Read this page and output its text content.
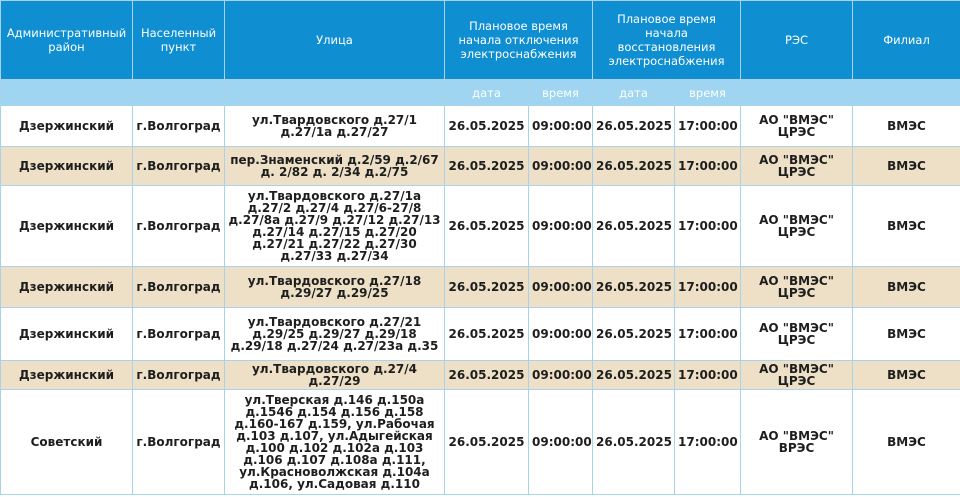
Административный район	Населенный пункт	Улица	Плановое время начала отключения электроснабжения		Плановое время начала восстановления электроснабжения		РЭС	Филиал
			дата	время	дата	время		
Дзержинский	г.Волгоград	ул.Твардовского д.27/1 д.27/1а д.27/27	26.05.2025	09:00:00	26.05.2025	17:00:00	АО "ВМЭС" ЦРЭС	ВМЭС
Дзержинский	г.Волгоград	пер.Знаменский д.2/59 д.2/67 д. 2/82 д. 2/34 д.2/75	26.05.2025	09:00:00	26.05.2025	17:00:00	АО "ВМЭС" ЦРЭС	ВМЭС
Дзержинский	г.Волгоград	ул.Твардовского д.27/1а д.27/2 д.27/4 д.27/6-27/8 д.27/8а д.27/9 д.27/12 д.27/13 д.27/14 д.27/15 д.27/20 д.27/21 д.27/22 д.27/30 д.27/33 д.27/34	26.05.2025	09:00:00	26.05.2025	17:00:00	АО "ВМЭС" ЦРЭС	ВМЭС
Дзержинский	г.Волгоград	ул.Твардовского д.27/18 д.29/27 д.29/25	26.05.2025	09:00:00	26.05.2025	17:00:00	АО "ВМЭС" ЦРЭС	ВМЭС
Дзержинский	г.Волгоград	ул.Твардовского д.27/21 д.29/25 д.29/27 д.29/18 д.29/18 д.27/24 д.27/23а д.35	26.05.2025	09:00:00	26.05.2025	17:00:00	АО "ВМЭС" ЦРЭС	ВМЭС
Дзержинский	г.Волгоград	ул.Твардовского д.27/4 д.27/29	26.05.2025	09:00:00	26.05.2025	17:00:00	АО "ВМЭС" ЦРЭС	ВМЭС
Советский	г.Волгоград	ул.Тверская д.146 д.150а д.1546 д.154 д.156 д.158 д.160-167 д.159, ул.Рабочая д.103 д.107, ул.Адыгейская д.100 д.102 д.102а д.103 д.106 д.107 д.108а д.111, ул.Красноволжская д.104а д.106, ул.Садовая д.110	26.05.2025	09:00:00	26.05.2025	17:00:00	АО "ВМЭС" ВРЭС	ВМЭС
